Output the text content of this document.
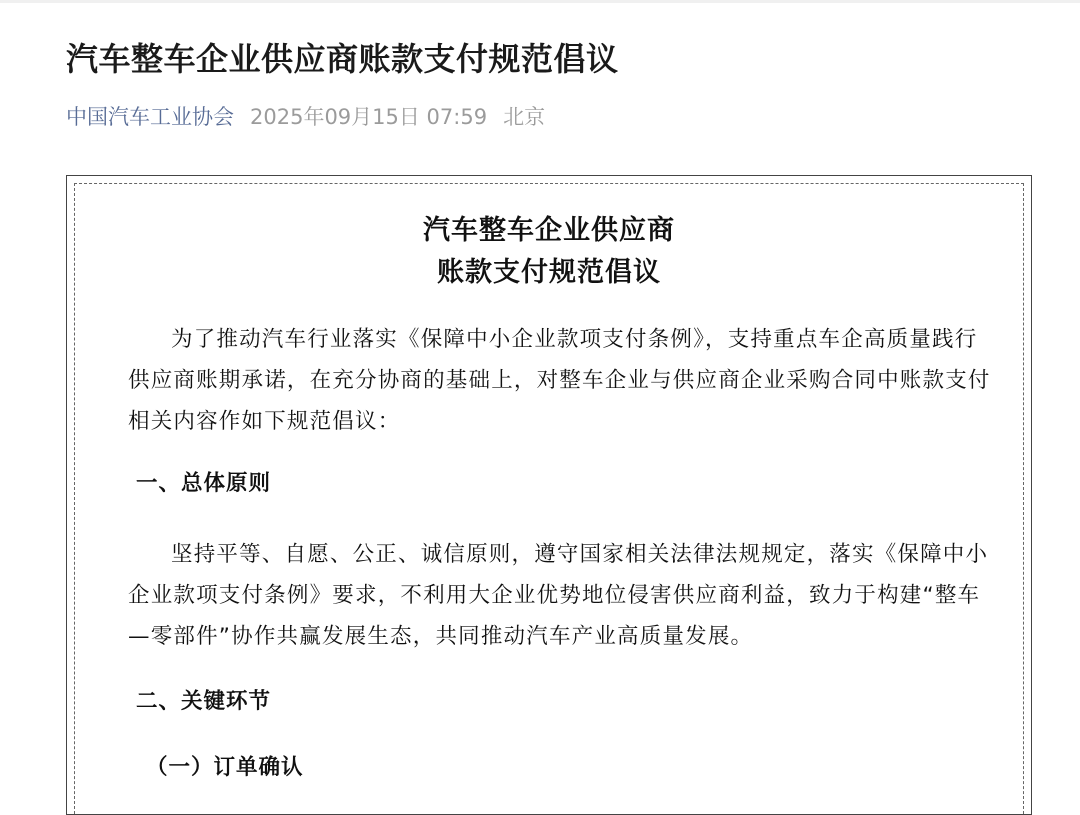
汽车整车企业供应商账款支付规范倡议
中国汽车工业协会 2025年09月15日 07:59 北京
汽车整车企业供应商
账款支付规范倡议

为了推动汽车行业落实《保障中小企业款项支付条例》，支持重点车企高质量践行供应商账期承诺，在充分协商的基础上，对整车企业与供应商企业采购合同中账款支付相关内容作如下规范倡议：

一、总体原则

坚持平等、自愿、公正、诚信原则，遵守国家相关法律法规规定，落实《保障中小企业款项支付条例》要求，不利用大企业优势地位侵害供应商利益，致力于构建“整车—零部件”协作共赢发展生态，共同推动汽车产业高质量发展。

二、关键环节
（一）订单确认
